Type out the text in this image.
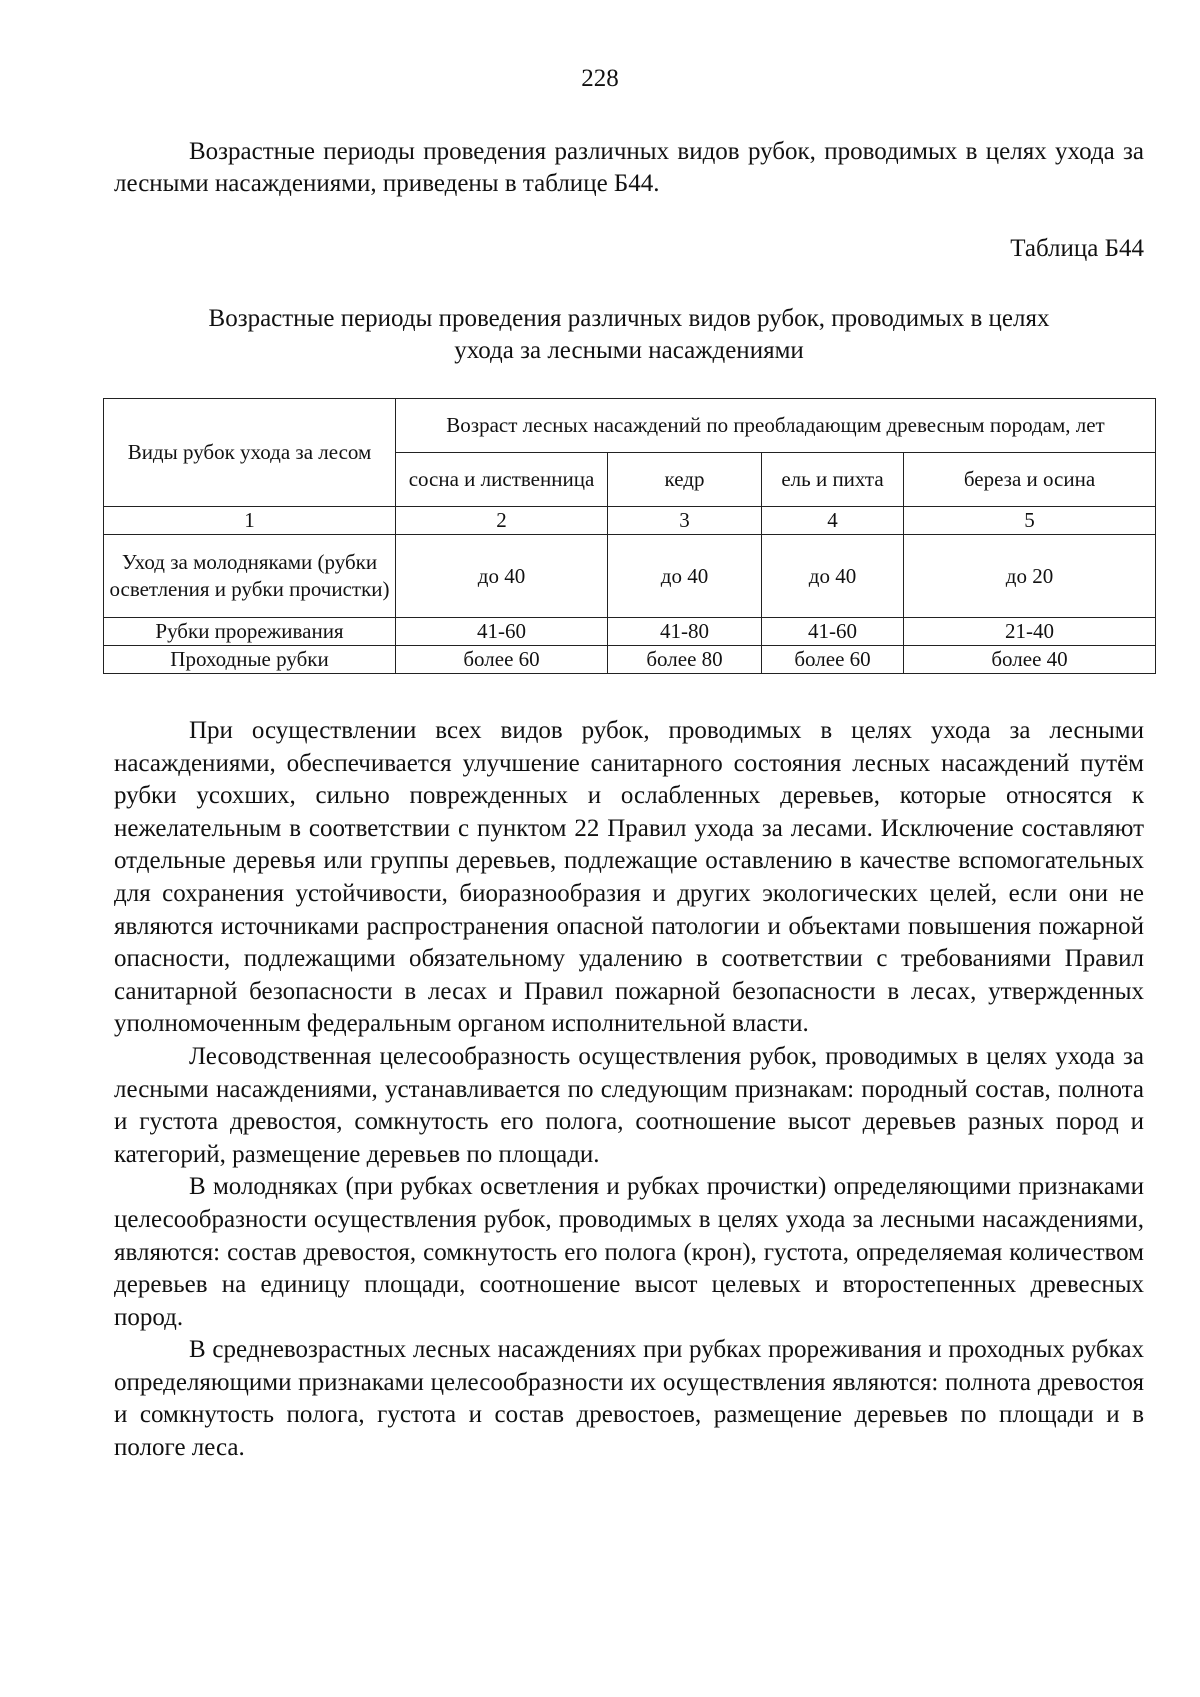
228

Возрастные периоды проведения различных видов рубок, проводимых в целях ухода за лесными насаждениями, приведены в таблице Б44.

Таблица Б44
Возрастные периоды проведения различных видов рубок, проводимых в целях
ухода за лесными насаждениями
Виды рубок ухода за лесом	Возраст лесных насаждений по преобладающим древесным породам, лет			
	сосна и лиственница	кедр	ель и пихта	береза и осина
1	2	3	4	5
Уход за молодняками (рубки осветления и рубки прочистки)	до 40	до 40	до 40	до 20
Рубки прореживания	41-60	41-80	41-60	21-40
Проходные рубки	более 60	более 80	более 60	более 40

При осуществлении всех видов рубок, проводимых в целях ухода за лесными насаждениями, обеспечивается улучшение санитарного состояния лесных насаждений путём рубки усохших, сильно поврежденных и ослабленных деревьев, которые относятся к нежелательным в соответствии с пунктом 22 Правил ухода за лесами. Исключение составляют отдельные деревья или группы деревьев, подлежащие оставлению в качестве вспомогательных для сохранения устойчивости, биоразнообразия и других экологических целей, если они не являются источниками распространения опасной патологии и объектами повышения пожарной опасности, подлежащими обязательному удалению в соответствии с требованиями Правил санитарной безопасности в лесах и Правил пожарной безопасности в лесах, утвержденных уполномоченным федеральным органом исполнительной власти.

Лесоводственная целесообразность осуществления рубок, проводимых в целях ухода за лесными насаждениями, устанавливается по следующим признакам: породный состав, полнота и густота древостоя, сомкнутость его полога, соотношение высот деревьев разных пород и категорий, размещение деревьев по площади.

В молодняках (при рубках осветления и рубках прочистки) определяющими признаками целесообразности осуществления рубок, проводимых в целях ухода за лесными насаждениями, являются: состав древостоя, сомкнутость его полога (крон), густота, определяемая количеством деревьев на единицу площади, соотношение высот целевых и второстепенных древесных пород.

В средневозрастных лесных насаждениях при рубках прореживания и проходных рубках определяющими признаками целесообразности их осуществления являются: полнота древостоя и сомкнутость полога, густота и состав древостоев, размещение деревьев по площади и в пологе леса.
